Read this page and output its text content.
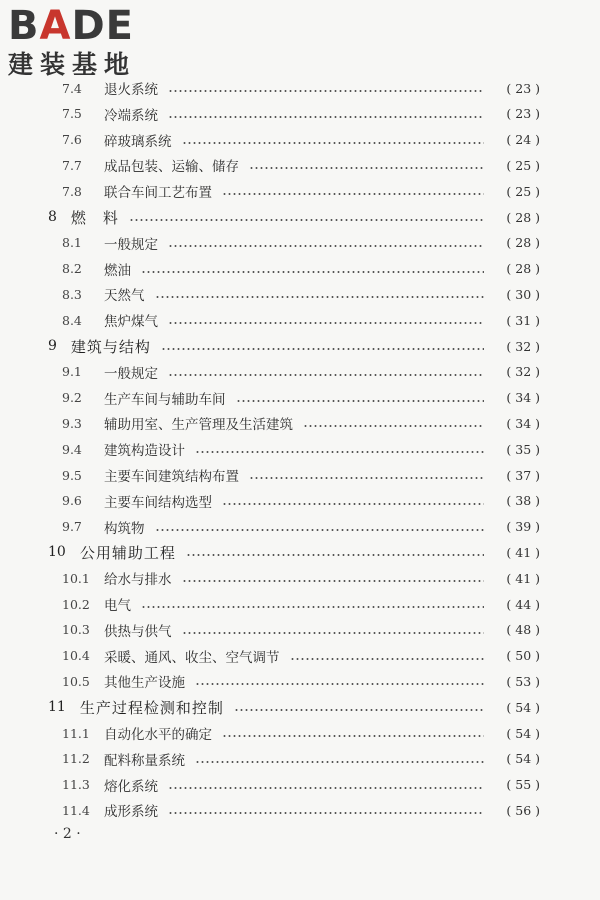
BADE
建装基地
7.4	退火系统	( 23 )
7.5	冷端系统	( 23 )
7.6	碎玻璃系统	( 24 )
7.7	成品包装、运输、储存	( 25 )
7.8	联合车间工艺布置	( 25 )
8 燃　料	( 28 )
8.1	一般规定	( 28 )
8.2	燃油	( 28 )
8.3	天然气	( 30 )
8.4	焦炉煤气	( 31 )
9 建筑与结构	( 32 )
9.1	一般规定	( 32 )
9.2	生产车间与辅助车间	( 34 )
9.3	辅助用室、生产管理及生活建筑	( 34 )
9.4	建筑构造设计	( 35 )
9.5	主要车间建筑结构布置	( 37 )
9.6	主要车间结构选型	( 38 )
9.7	构筑物	( 39 )
10 公用辅助工程	( 41 )
10.1 给水与排水	( 41 )
10.2 电气	( 44 )
10.3 供热与供气	( 48 )
10.4 采暖、通风、收尘、空气调节	( 50 )
10.5 其他生产设施	( 53 )
11 生产过程检测和控制	( 54 )
11.1 自动化水平的确定	( 54 )
11.2 配料称量系统	( 54 )
11.3 熔化系统	( 55 )
11.4 成形系统	( 56 )
· 2 ·
